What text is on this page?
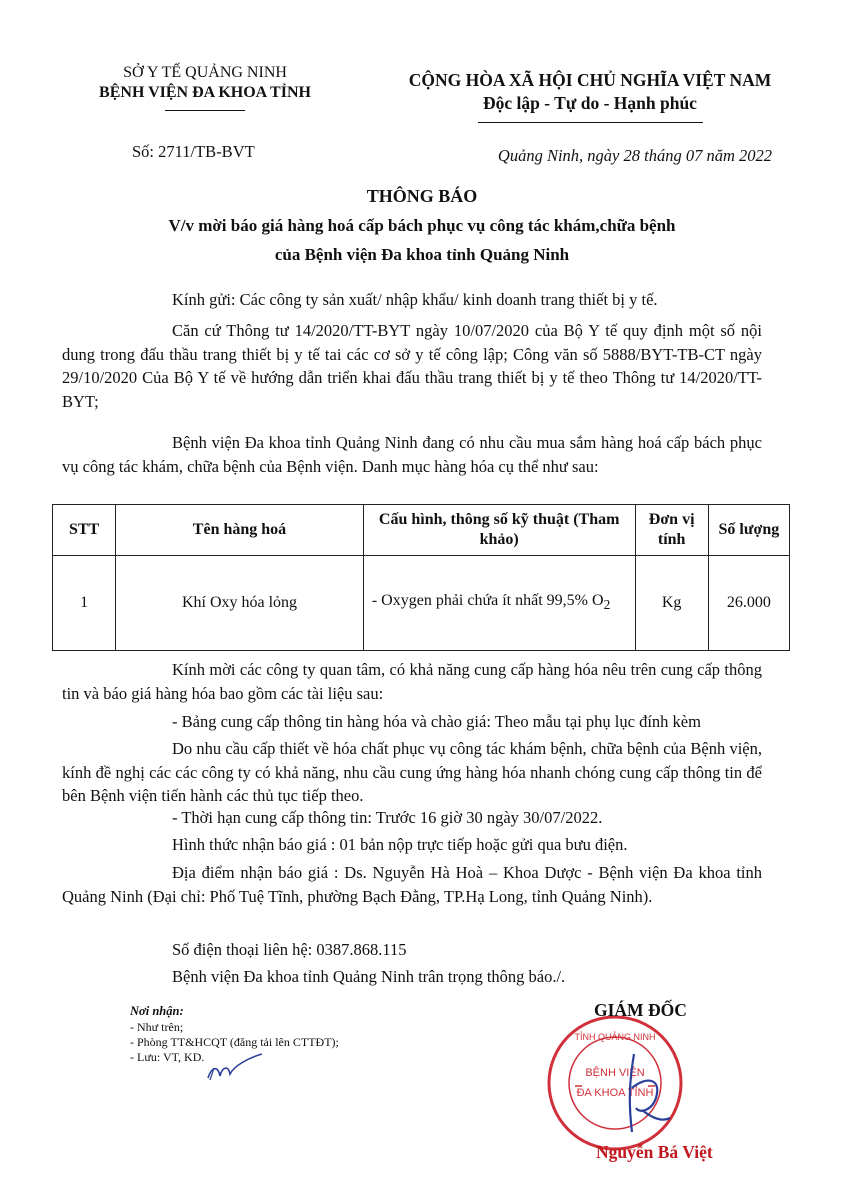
SỞ Y TẾ QUẢNG NINH
BỆNH VIỆN ĐA KHOA TỈNH
CỘNG HÒA XÃ HỘI CHỦ NGHĨA VIỆT NAM
Độc lập - Tự do - Hạnh phúc
Số: 2711/TB-BVT	Quảng Ninh, ngày 28 tháng 07 năm 2022
THÔNG BÁO
V/v mời báo giá hàng hoá cấp bách phục vụ công tác khám,chữa bệnh
của Bệnh viện Đa khoa tỉnh Quảng Ninh
Kính gửi: Các công ty sản xuất/ nhập khẩu/ kinh doanh trang thiết bị y tế.
Căn cứ Thông tư 14/2020/TT-BYT ngày 10/07/2020 của Bộ Y tế quy định một số nội dung trong đấu thầu trang thiết bị y tế tai các cơ sở y tế công lập; Công văn số 5888/BYT-TB-CT ngày 29/10/2020 Của Bộ Y tế về hướng dẫn triển khai đấu thầu trang thiết bị y tế theo Thông tư 14/2020/TT-BYT;
Bệnh viện Đa khoa tỉnh Quảng Ninh đang có nhu cầu mua sắm hàng hoá cấp bách phục vụ công tác khám, chữa bệnh của Bệnh viện. Danh mục hàng hóa cụ thể như sau:
STT	Tên hàng hoá	Cấu hình, thông số kỹ thuật (Tham khảo)	Đơn vị tính	Số lượng
1	Khí Oxy hóa lỏng	- Oxygen phải chứa ít nhất 99,5% $O_2$	Kg	26.000
Kính mời các công ty quan tâm, có khả năng cung cấp hàng hóa nêu trên cung cấp thông tin và báo giá hàng hóa bao gồm các tài liệu sau:
- Bảng cung cấp thông tin hàng hóa và chào giá: Theo mẫu tại phụ lục đính kèm
Do nhu cầu cấp thiết về hóa chất phục vụ công tác khám bệnh, chữa bệnh của Bệnh viện, kính đề nghị các các công ty có khả năng, nhu cầu cung ứng hàng hóa nhanh chóng cung cấp thông tin để bên Bệnh viện tiến hành các thủ tục tiếp theo.
- Thời hạn cung cấp thông tin: Trước 16 giờ 30 ngày 30/07/2022.
Hình thức nhận báo giá : 01 bản nộp trực tiếp hoặc gửi qua bưu điện.
Địa điểm nhận báo giá : Ds. Nguyễn Hà Hoà – Khoa Dược - Bệnh viện Đa khoa tỉnh Quảng Ninh (Đại chỉ: Phố Tuệ Tĩnh, phường Bạch Đằng, TP.Hạ Long, tỉnh Quảng Ninh).
Số điện thoại liên hệ: 0387.868.115
Bệnh viện Đa khoa tỉnh Quảng Ninh trân trọng thông báo./.
Nơi nhận:
- Như trên;
- Phòng TT&HCQT (đăng tải lên CTTĐT);
- Lưu: VT, KD.
TỈNH QUẢNG NINH
BỆNH VIỆN
ĐA KHOA TỈNH
GIÁM ĐỐC
Nguyễn Bá Việt
